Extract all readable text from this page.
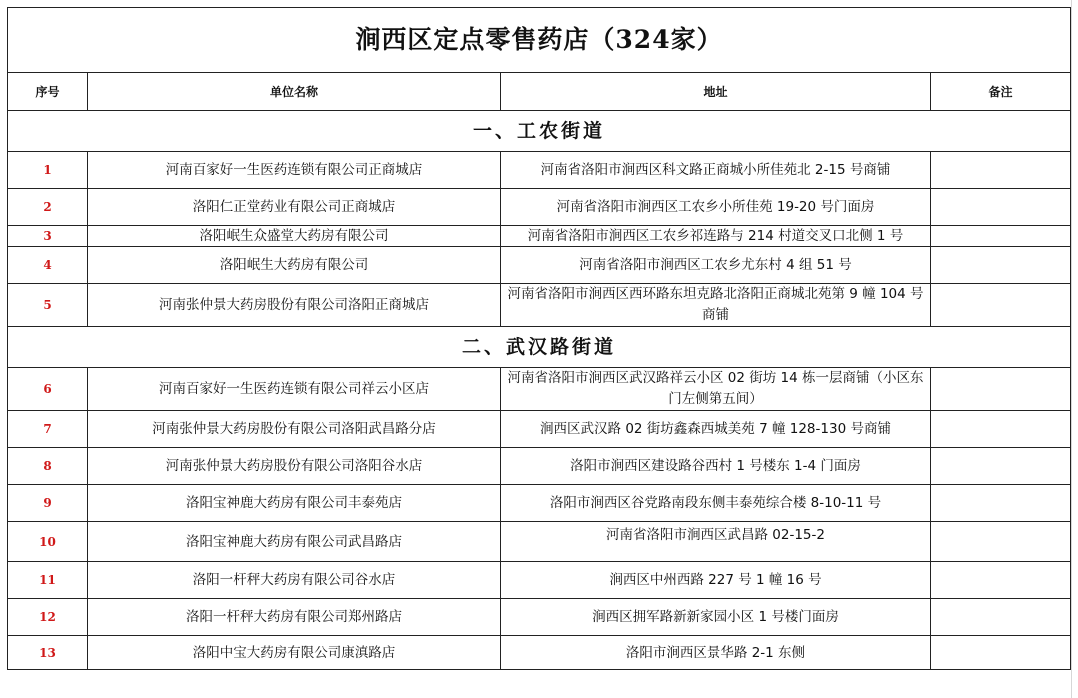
涧西区定点零售药店（324家）			
序号	单位名称	地址	备注
一、工农街道			
1	河南百家好一生医药连锁有限公司正商城店	河南省洛阳市涧西区科文路正商城小所佳苑北 2-15 号商铺	
2	洛阳仁正堂药业有限公司正商城店	河南省洛阳市涧西区工农乡小所佳苑 19-20 号门面房	
3	洛阳岷生众盛堂大药房有限公司	河南省洛阳市涧西区工农乡祁连路与 214 村道交叉口北侧 1 号	
4	洛阳岷生大药房有限公司	河南省洛阳市涧西区工农乡尤东村 4 组 51 号	
5	河南张仲景大药房股份有限公司洛阳正商城店	河南省洛阳市涧西区西环路东坦克路北洛阳正商城北苑第 9 幢 104 号商铺	
二、武汉路街道			
6	河南百家好一生医药连锁有限公司祥云小区店	河南省洛阳市涧西区武汉路祥云小区 02 街坊 14 栋一层商铺（小区东门左侧第五间）	
7	河南张仲景大药房股份有限公司洛阳武昌路分店	涧西区武汉路 02 街坊鑫森西城美苑 7 幢 128-130 号商铺	
8	河南张仲景大药房股份有限公司洛阳谷水店	洛阳市涧西区建设路谷西村 1 号楼东 1-4 门面房	
9	洛阳宝神鹿大药房有限公司丰泰苑店	洛阳市涧西区谷党路南段东侧丰泰苑综合楼 8-10-11 号	
10	洛阳宝神鹿大药房有限公司武昌路店	河南省洛阳市涧西区武昌路 02-15-2	
11	洛阳一杆秤大药房有限公司谷水店	涧西区中州西路 227 号 1 幢 16 号	
12	洛阳一杆秤大药房有限公司郑州路店	涧西区拥军路新新家园小区 1 号楼门面房	
13	洛阳中宝大药房有限公司康滇路店	洛阳市涧西区景华路 2-1 东侧	
